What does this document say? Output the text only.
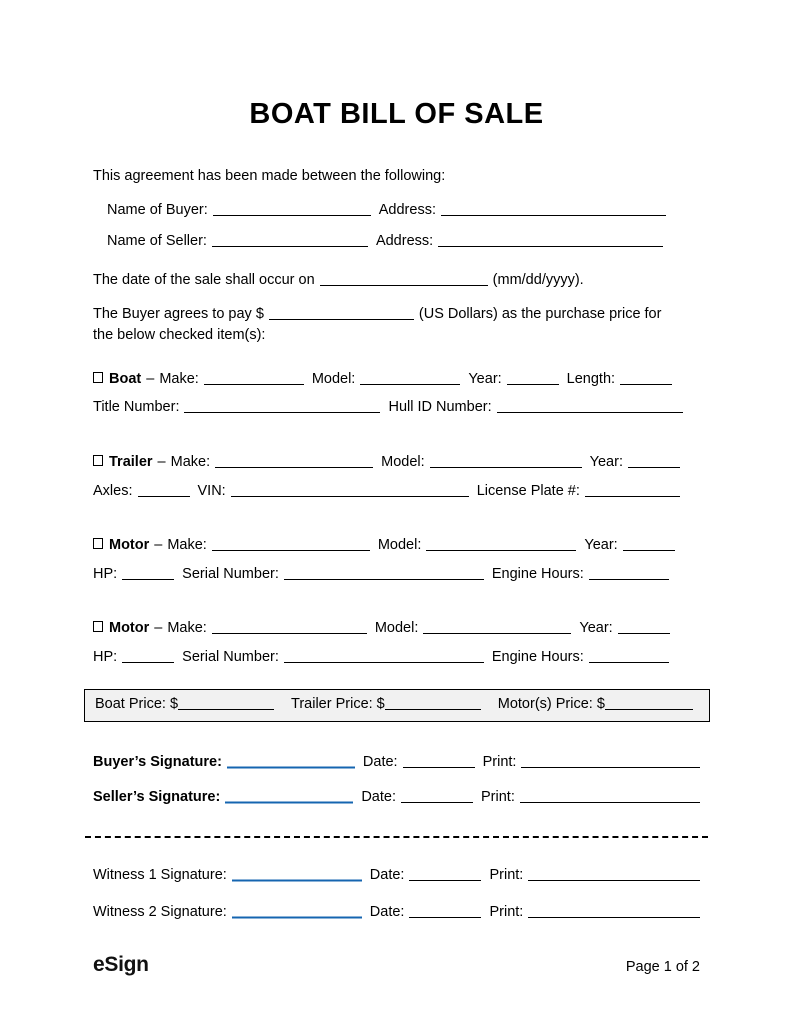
BOAT BILL OF SALE
This agreement has been made between the following:
Name of Buyer:	Address:
Name of Seller:	Address:
The date of the sale shall occur on	(mm/dd/yyyy).
The Buyer agrees to pay $	(US Dollars) as the purchase price for
the below checked item(s):
Boat – Make:	Model:	Year:	Length:
Title Number:	Hull ID Number:
Trailer – Make:	Model:	Year:
Axles:	VIN:	License Plate #:
Motor – Make:	Model:	Year:
HP:	Serial Number:	Engine Hours:
Motor – Make:	Model:	Year:
HP:	Serial Number:	Engine Hours:
Boat Price: $	Trailer Price: $	Motor(s) Price: $
Buyer’s Signature:	Date:	Print:
Seller’s Signature:	Date:	Print:
Witness 1 Signature:	Date:	Print:
Witness 2 Signature:	Date:	Print:
eSign	Page 1 of 2
